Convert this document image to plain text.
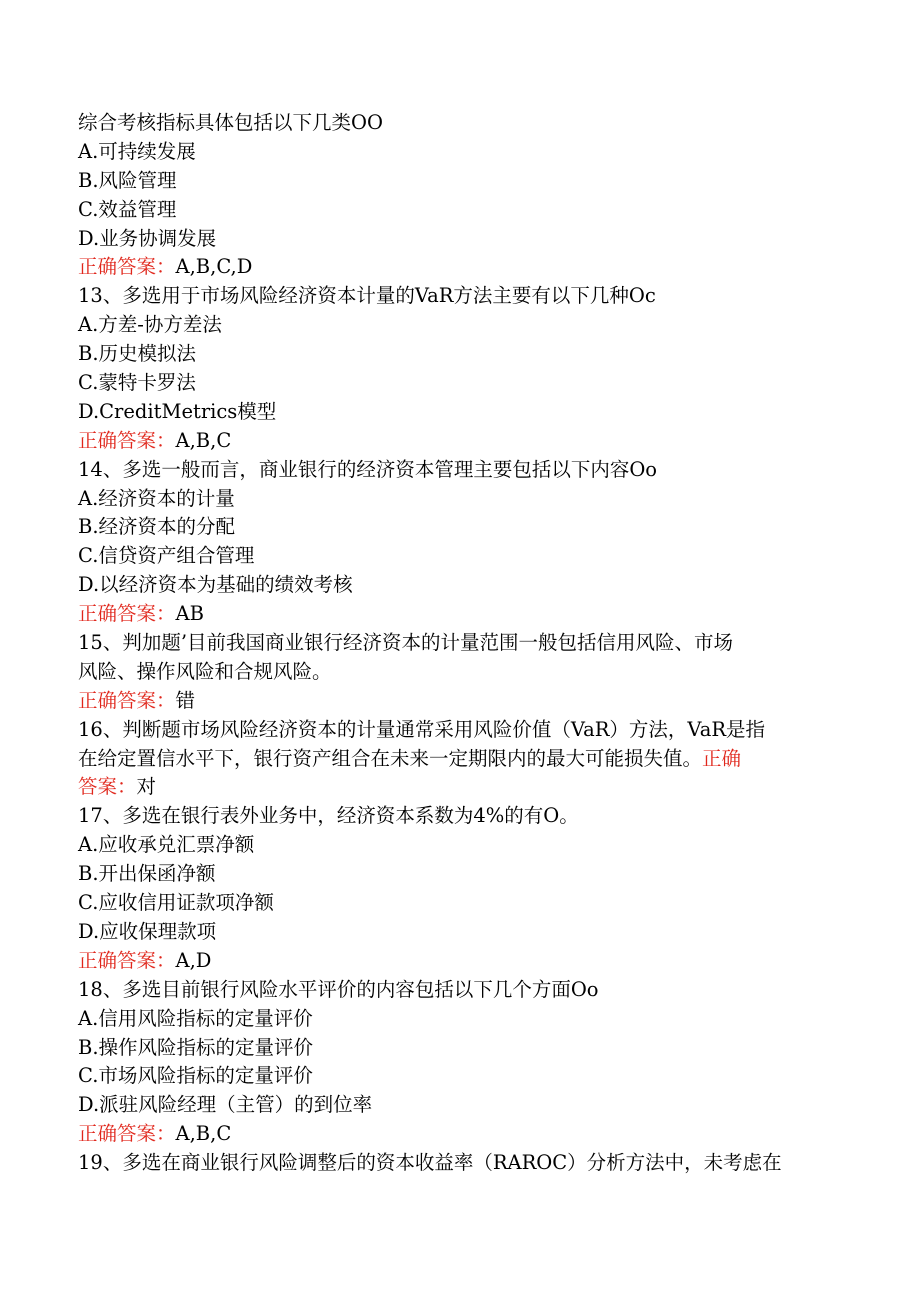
综合考核指标具体包括以下几类OO
A.可持续发展
B.风险管理
C.效益管理
D.业务协调发展
正确答案：A,B,C,D
13、多选用于市场风险经济资本计量的VaR方法主要有以下几种Oc
A.方差-协方差法
B.历史模拟法
C.蒙特卡罗法
D.CreditMetrics模型
正确答案：A,B,C
14、多选一般而言，商业银行的经济资本管理主要包括以下内容Oo
A.经济资本的计量
B.经济资本的分配
C.信贷资产组合管理
D.以经济资本为基础的绩效考核
正确答案：AB
15、判加题’目前我国商业银行经济资本的计量范围一般包括信用风险、市场
风险、操作风险和合规风险。
正确答案：错
16、判断题市场风险经济资本的计量通常采用风险价值（VaR）方法，VaR是指
在给定置信水平下，银行资产组合在未来一定期限内的最大可能损失值。正确
答案：对
17、多选在银行表外业务中，经济资本系数为4%的有O。
A.应收承兑汇票净额
B.开出保函净额
C.应收信用证款项净额
D.应收保理款项
正确答案：A,D
18、多选目前银行风险水平评价的内容包括以下几个方面Oo
A.信用风险指标的定量评价
B.操作风险指标的定量评价
C.市场风险指标的定量评价
D.派驻风险经理（主管）的到位率
正确答案：A,B,C
19、多选在商业银行风险调整后的资本收益率（RAROC）分析方法中，未考虑在
